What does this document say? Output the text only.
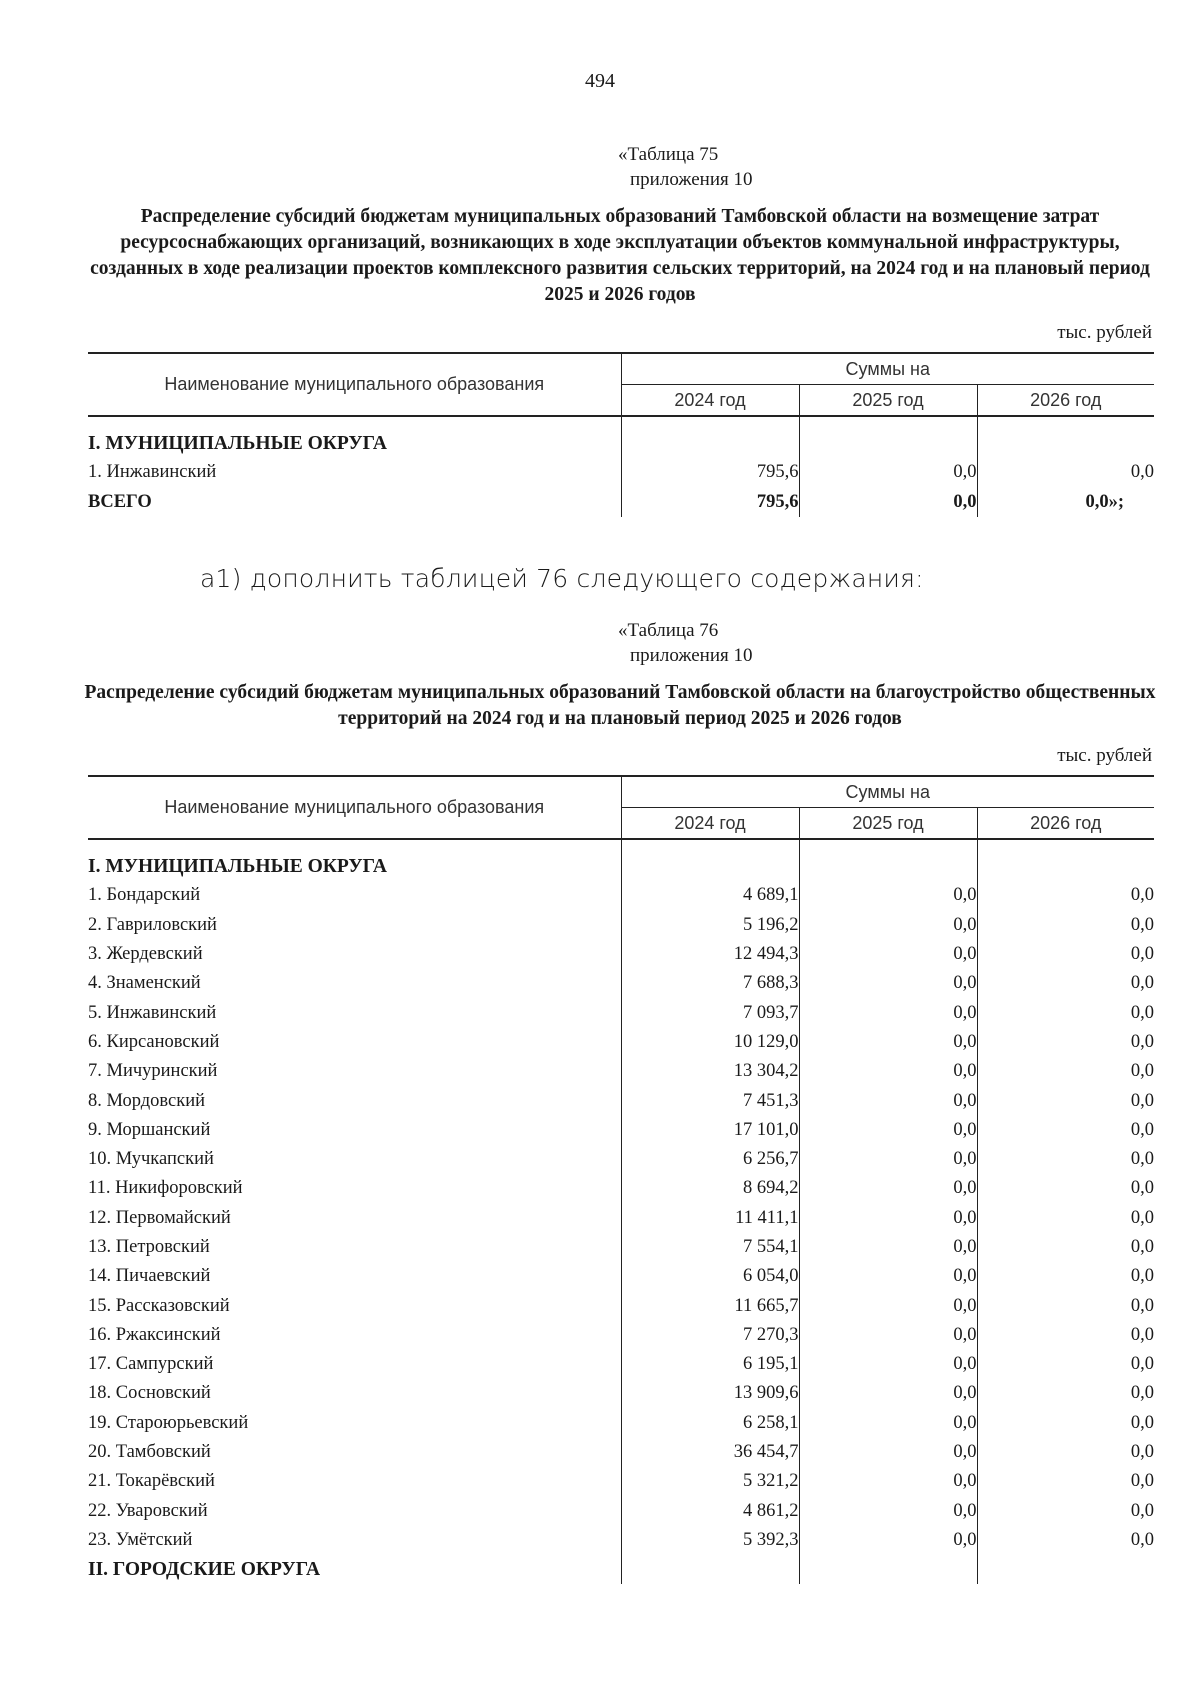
494
«Таблица 75
приложения 10
Распределение субсидий бюджетам муниципальных образований Тамбовской области на возмещение затрат ресурсоснабжающих организаций, возникающих в ходе эксплуатации объектов коммунальной инфраструктуры, созданных в ходе реализации проектов комплексного развития сельских территорий, на 2024 год и на плановый период 2025 и 2026 годов
тыс. рублей
Наименование муниципального образования	Суммы на		
	2024 год	2025 год	2026 год

I. МУНИЦИПАЛЬНЫЕ ОКРУГА			
1. Инжавинский	795,6	0,0	0,0
ВСЕГО	795,6	0,0	0,0»;
а1) дополнить таблицей 76 следующего содержания:
«Таблица 76
приложения 10
Распределение субсидий бюджетам муниципальных образований Тамбовской области на благоустройство общественных территорий на 2024 год и на плановый период 2025 и 2026 годов
тыс. рублей
Наименование муниципального образования	Суммы на		
	2024 год	2025 год	2026 год

I. МУНИЦИПАЛЬНЫЕ ОКРУГА			
1. Бондарский	4 689,1	0,0	0,0
2. Гавриловский	5 196,2	0,0	0,0
3. Жердевский	12 494,3	0,0	0,0
4. Знаменский	7 688,3	0,0	0,0
5. Инжавинский	7 093,7	0,0	0,0
6. Кирсановский	10 129,0	0,0	0,0
7. Мичуринский	13 304,2	0,0	0,0
8. Мордовский	7 451,3	0,0	0,0
9. Моршанский	17 101,0	0,0	0,0
10. Мучкапский	6 256,7	0,0	0,0
11. Никифоровский	8 694,2	0,0	0,0
12. Первомайский	11 411,1	0,0	0,0
13. Петровский	7 554,1	0,0	0,0
14. Пичаевский	6 054,0	0,0	0,0
15. Рассказовский	11 665,7	0,0	0,0
16. Ржаксинский	7 270,3	0,0	0,0
17. Сампурский	6 195,1	0,0	0,0
18. Сосновский	13 909,6	0,0	0,0
19. Староюрьевский	6 258,1	0,0	0,0
20. Тамбовский	36 454,7	0,0	0,0
21. Токарёвский	5 321,2	0,0	0,0
22. Уваровский	4 861,2	0,0	0,0
23. Умётский	5 392,3	0,0	0,0
II. ГОРОДСКИЕ ОКРУГА			
